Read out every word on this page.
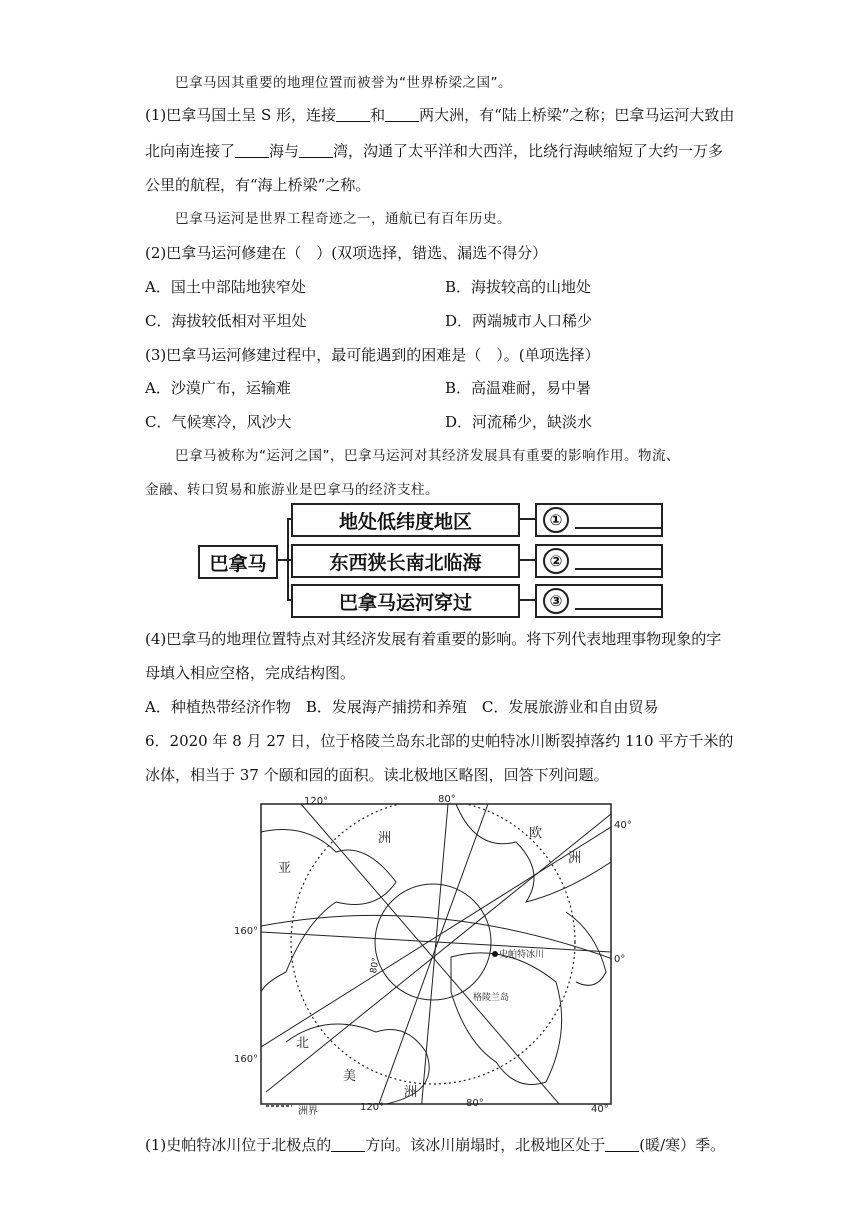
巴拿马因其重要的地理位置而被誉为“世界桥梁之国”。
(1)巴拿马国土呈 S 形，连接 和 两大洲，有“陆上桥梁”之称；巴拿马运河大致由
北向南连接了 海与 湾，沟通了太平洋和大西洋，比绕行海峡缩短了大约一万多
公里的航程，有“海上桥梁”之称。
巴拿马运河是世界工程奇迹之一，通航已有百年历史。
(2)巴拿马运河修建在（　）(双项选择，错选、漏选不得分）
A．国土中部陆地狭窄处	B．海拔较高的山地处
C．海拔较低相对平坦处	D．两端城市人口稀少
(3)巴拿马运河修建过程中，最可能遇到的困难是（　）。(单项选择）
A．沙漠广布，运输难	B．高温难耐，易中暑
C．气候寒冷，风沙大	D．河流稀少，缺淡水
巴拿马被称为“运河之国”，巴拿马运河对其经济发展具有重要的影响作用。物流、
金融、转口贸易和旅游业是巴拿马的经济支柱。
巴拿马
地处低纬度地区
东西狭长南北临海
巴拿马运河穿过
①
②
③
(4)巴拿马的地理位置特点对其经济发展有着重要的影响。将下列代表地理事物现象的字
母填入相应空格，完成结构图。
A．种植热带经济作物　B．发展海产捕捞和养殖　C．发展旅游业和自由贸易
6．2020 年 8 月 27 日，位于格陵兰岛东北部的史帕特冰川断裂掉落约 110 平方千米的
冰体，相当于 37 个颐和园的面积。读北极地区略图，回答下列问题。
120°	80°
40°
160°
0°
160°
120°	80°
40°
80°
亚
洲	欧
洲
北
美
洲
史帕特冰川
格陵兰岛
洲界
(1)史帕特冰川位于北极点的 方向。该冰川崩塌时，北极地区处于 (暖/寒）季。
